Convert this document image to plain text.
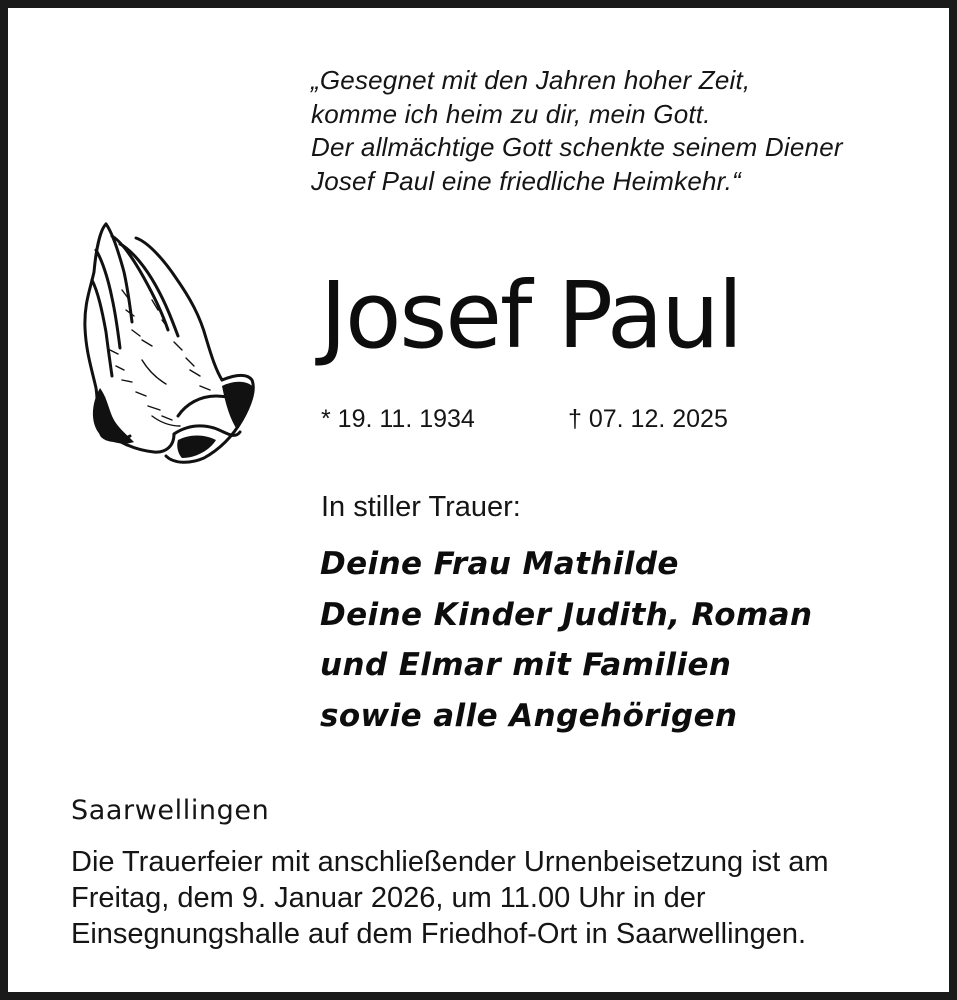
„Gesegnet mit den Jahren hoher Zeit,
komme ich heim zu dir, mein Gott.
Der allmächtige Gott schenkte seinem Diener
Josef Paul eine friedliche Heimkehr.“
Josef Paul
* 19. 11. 1934	† 07. 12. 2025
In stiller Trauer:
Deine Frau Mathilde
Deine Kinder Judith, Roman
und Elmar mit Familien
sowie alle Angehörigen
Saarwellingen
Die Trauerfeier mit anschließender Urnenbeisetzung ist am
Freitag, dem 9. Januar 2026, um 11.00 Uhr in der
Einsegnungshalle auf dem Friedhof-Ort in Saarwellingen.
